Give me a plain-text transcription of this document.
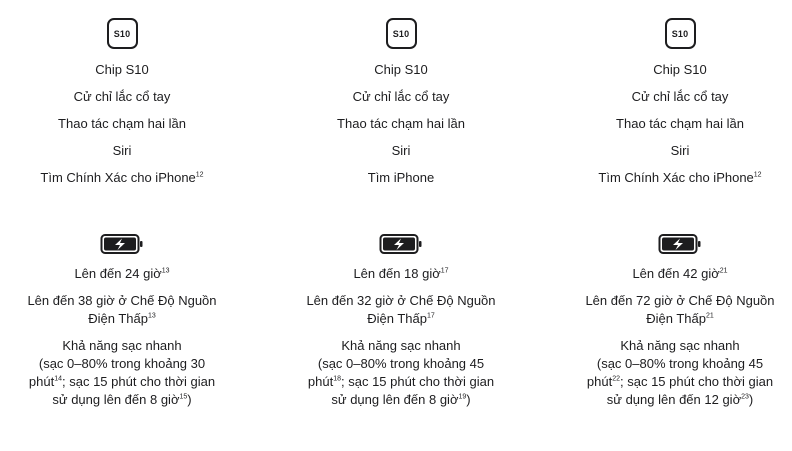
S10
Chip S10
Cử chỉ lắc cổ tay
Thao tác chạm hai lần
Siri
Tìm Chính Xác cho iPhone$^{12}$
Lên đến 24 giờ$^{13}$
Lên đến 38 giờ ở Chế Độ Nguồn Điện Thấp$^{13}$
Khả năng sạc nhanh
(sạc 0–80% trong khoảng 30 phút$^{14}$; sạc 15 phút cho thời gian sử dụng lên đến 8 giờ$^{15}$)
S10
Chip S10
Cử chỉ lắc cổ tay
Thao tác chạm hai lần
Siri
Tìm iPhone
Lên đến 18 giờ$^{17}$
Lên đến 32 giờ ở Chế Độ Nguồn Điện Thấp$^{17}$
Khả năng sạc nhanh
(sạc 0–80% trong khoảng 45 phút$^{18}$; sạc 15 phút cho thời gian sử dụng lên đến 8 giờ$^{19}$)
S10
Chip S10
Cử chỉ lắc cổ tay
Thao tác chạm hai lần
Siri
Tìm Chính Xác cho iPhone$^{12}$
Lên đến 42 giờ$^{21}$
Lên đến 72 giờ ở Chế Độ Nguồn Điện Thấp$^{21}$
Khả năng sạc nhanh
(sạc 0–80% trong khoảng 45 phút$^{22}$; sạc 15 phút cho thời gian sử dụng lên đến 12 giờ$^{23}$)
